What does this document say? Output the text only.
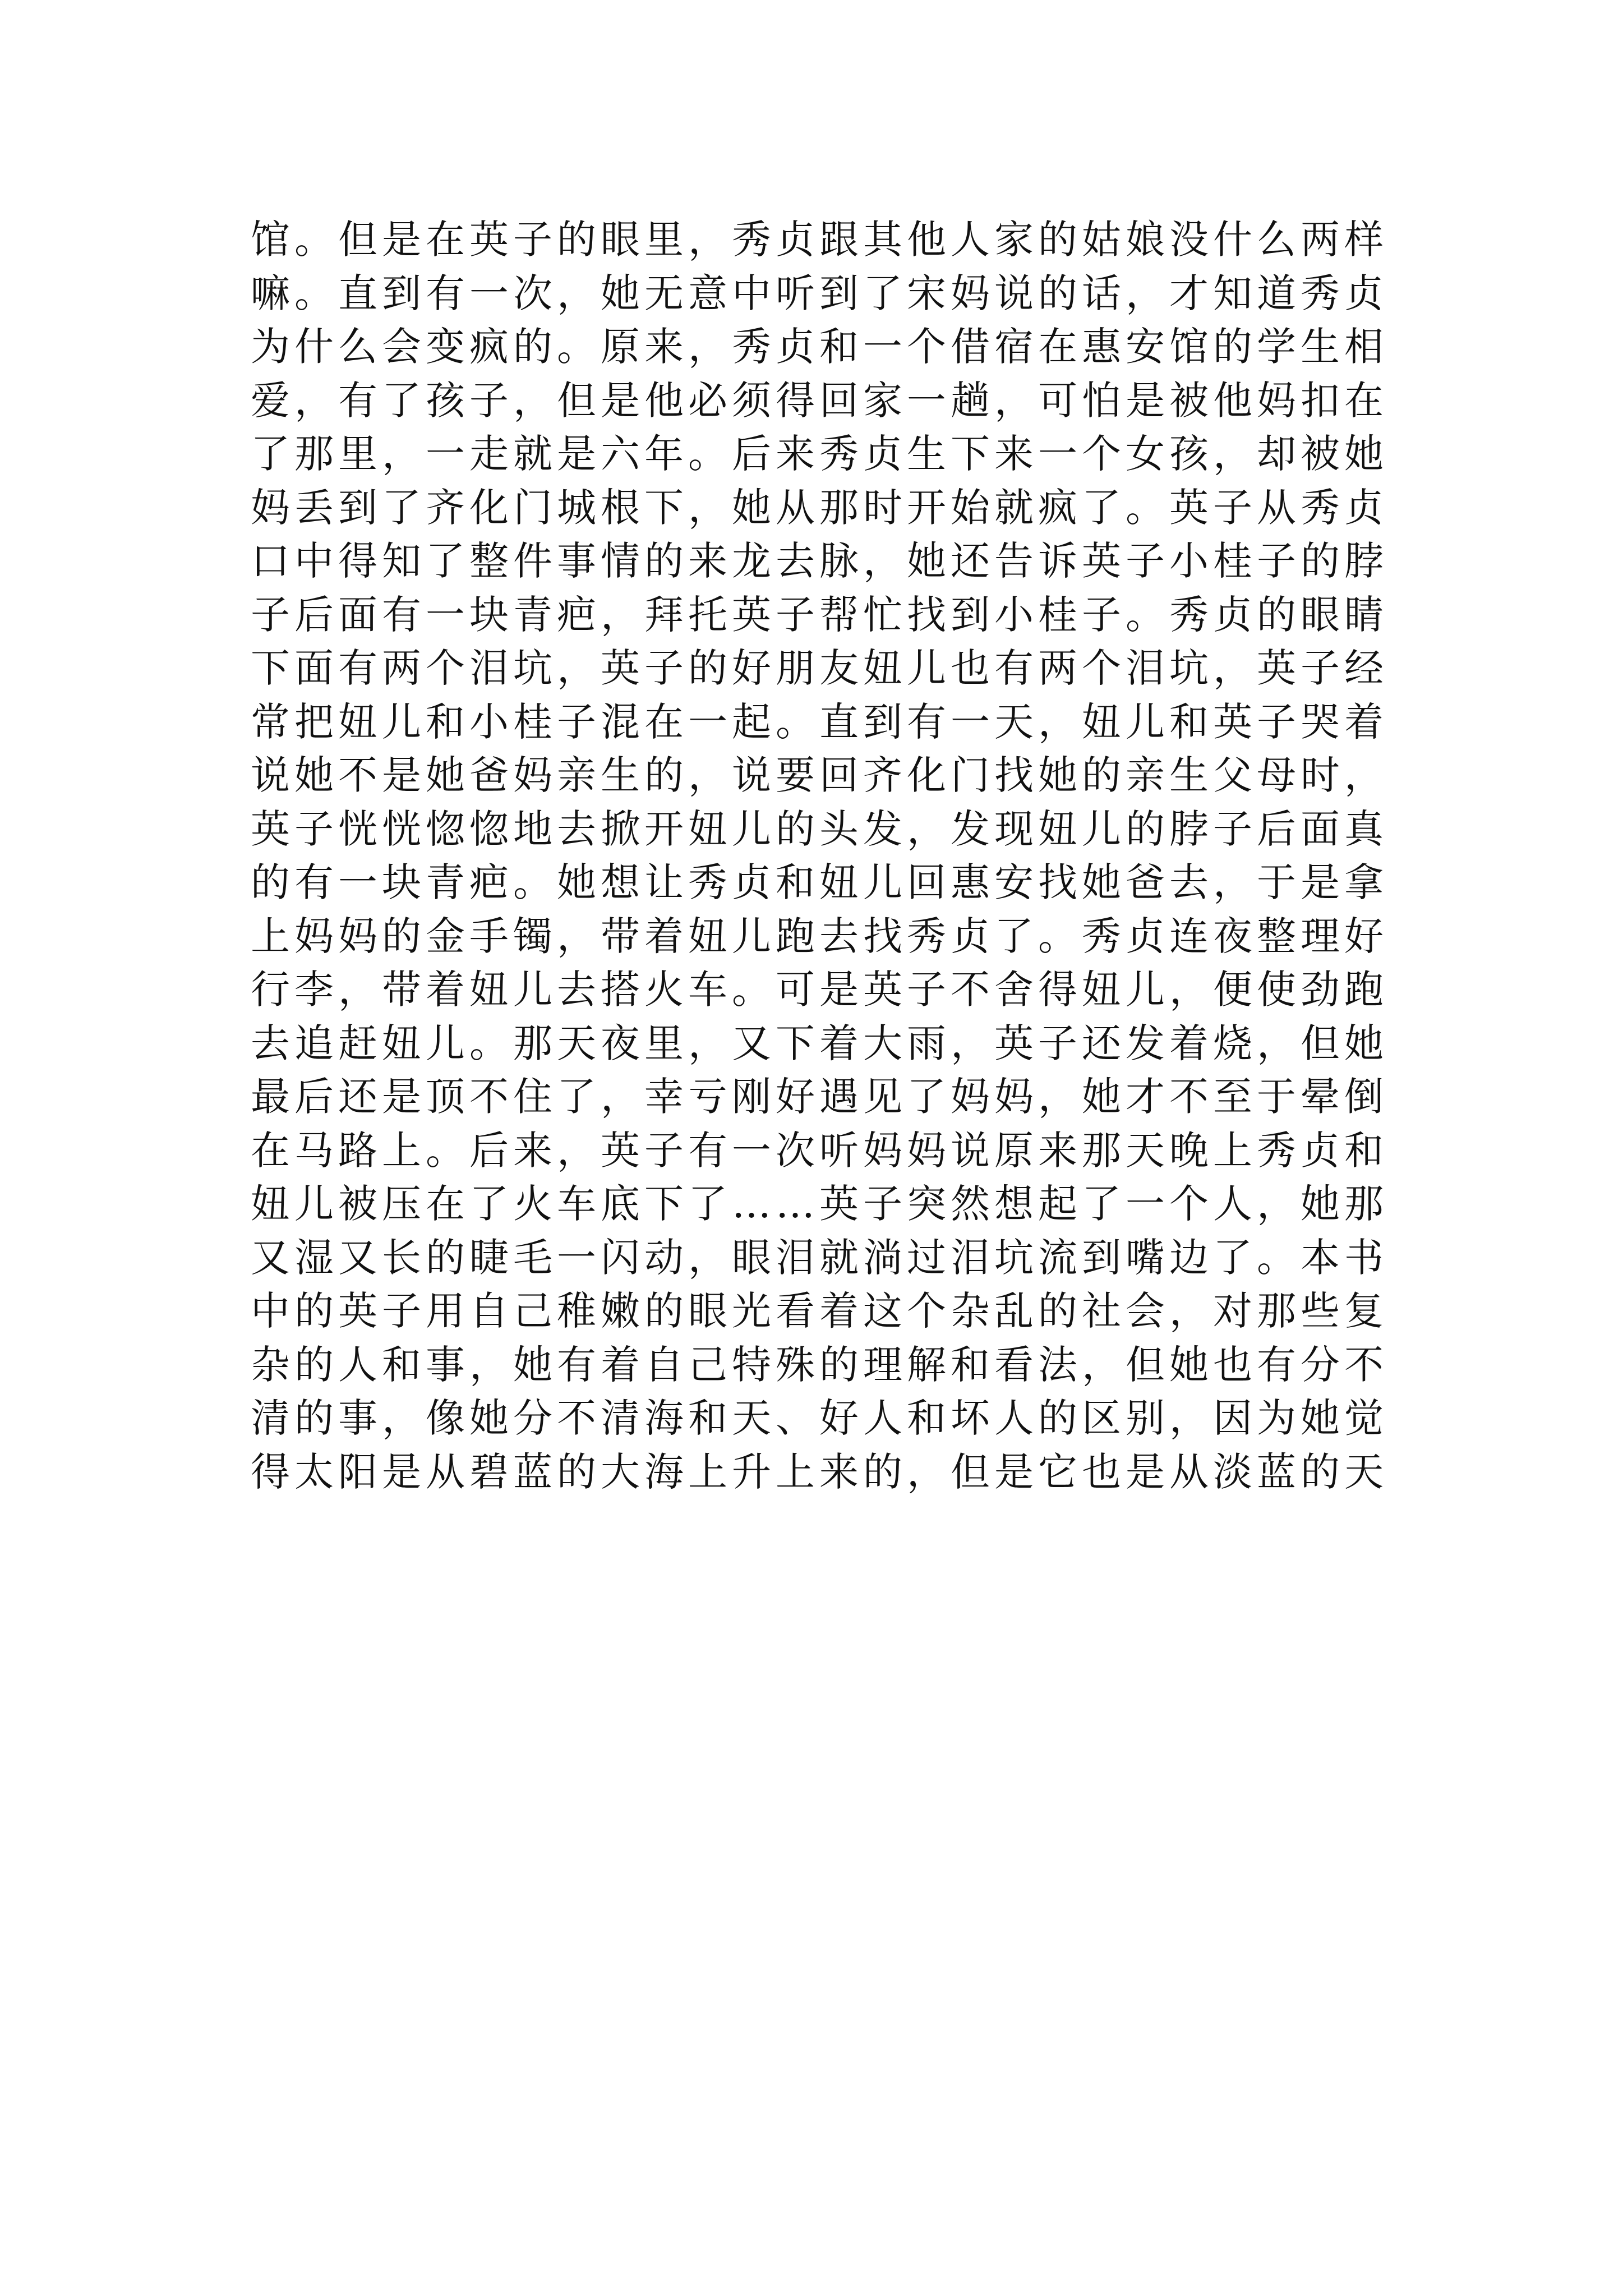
馆。但是在英子的眼里，秀贞跟其他人家的姑娘没什么两样
嘛。直到有一次，她无意中听到了宋妈说的话，才知道秀贞
为什么会变疯的。原来，秀贞和一个借宿在惠安馆的学生相
爱，有了孩子，但是他必须得回家一趟，可怕是被他妈扣在
了那里，一走就是六年。后来秀贞生下来一个女孩，却被她
妈丢到了齐化门城根下，她从那时开始就疯了。英子从秀贞
口中得知了整件事情的来龙去脉，她还告诉英子小桂子的脖
子后面有一块青疤，拜托英子帮忙找到小桂子。秀贞的眼睛
下面有两个泪坑，英子的好朋友妞儿也有两个泪坑，英子经
常把妞儿和小桂子混在一起。直到有一天，妞儿和英子哭着
说她不是她爸妈亲生的，说要回齐化门找她的亲生父母时，
英子恍恍惚惚地去掀开妞儿的头发，发现妞儿的脖子后面真
的有一块青疤。她想让秀贞和妞儿回惠安找她爸去，于是拿
上妈妈的金手镯，带着妞儿跑去找秀贞了。秀贞连夜整理好
行李，带着妞儿去搭火车。可是英子不舍得妞儿，便使劲跑
去追赶妞儿。那天夜里，又下着大雨，英子还发着烧，但她
最后还是顶不住了，幸亏刚好遇见了妈妈，她才不至于晕倒
在马路上。后来，英子有一次听妈妈说原来那天晚上秀贞和
妞儿被压在了火车底下了……英子突然想起了一个人，她那
又湿又长的睫毛一闪动，眼泪就淌过泪坑流到嘴边了。本书
中的英子用自己稚嫩的眼光看着这个杂乱的社会，对那些复
杂的人和事，她有着自己特殊的理解和看法，但她也有分不
清的事，像她分不清海和天、好人和坏人的区别，因为她觉
得太阳是从碧蓝的大海上升上来的，但是它也是从淡蓝的天
